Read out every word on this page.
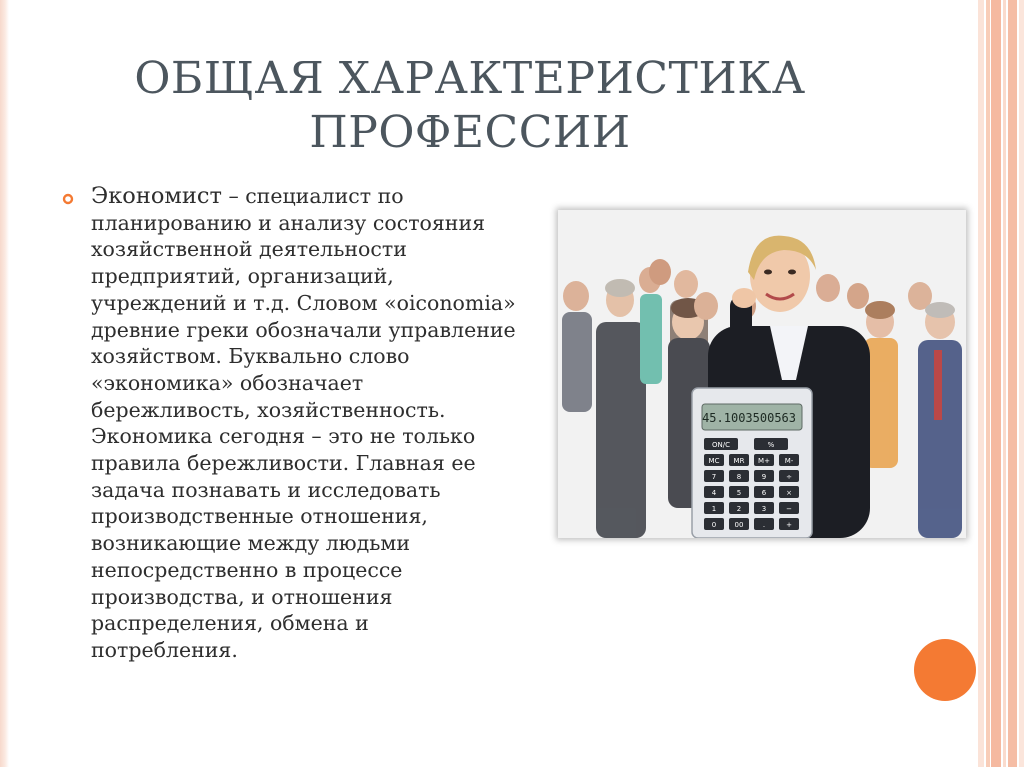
ОБЩАЯ ХАРАКТЕРИСТИКА
ПРОФЕССИИ

Экономист – специалист по планированию и анализу состояния хозяйственной деятельности предприятий, организаций, учреждений и т.д. Словом «oiconomia» древние греки обозначали управление хозяйством. Буквально слово «экономика» обозначает бережливость, хозяйственность. Экономика сегодня – это не только правила бережливости. Главная ее задача познавать и исследовать производственные отношения, возникающие между людьми непосредственно в процессе производства, и отношения распределения, обмена и потребления.

45.1003500563
ON/C	%
MC MR M+ M-
7	8	9	÷
4	5	6	×
1	2	3	−
0	00	.	+
